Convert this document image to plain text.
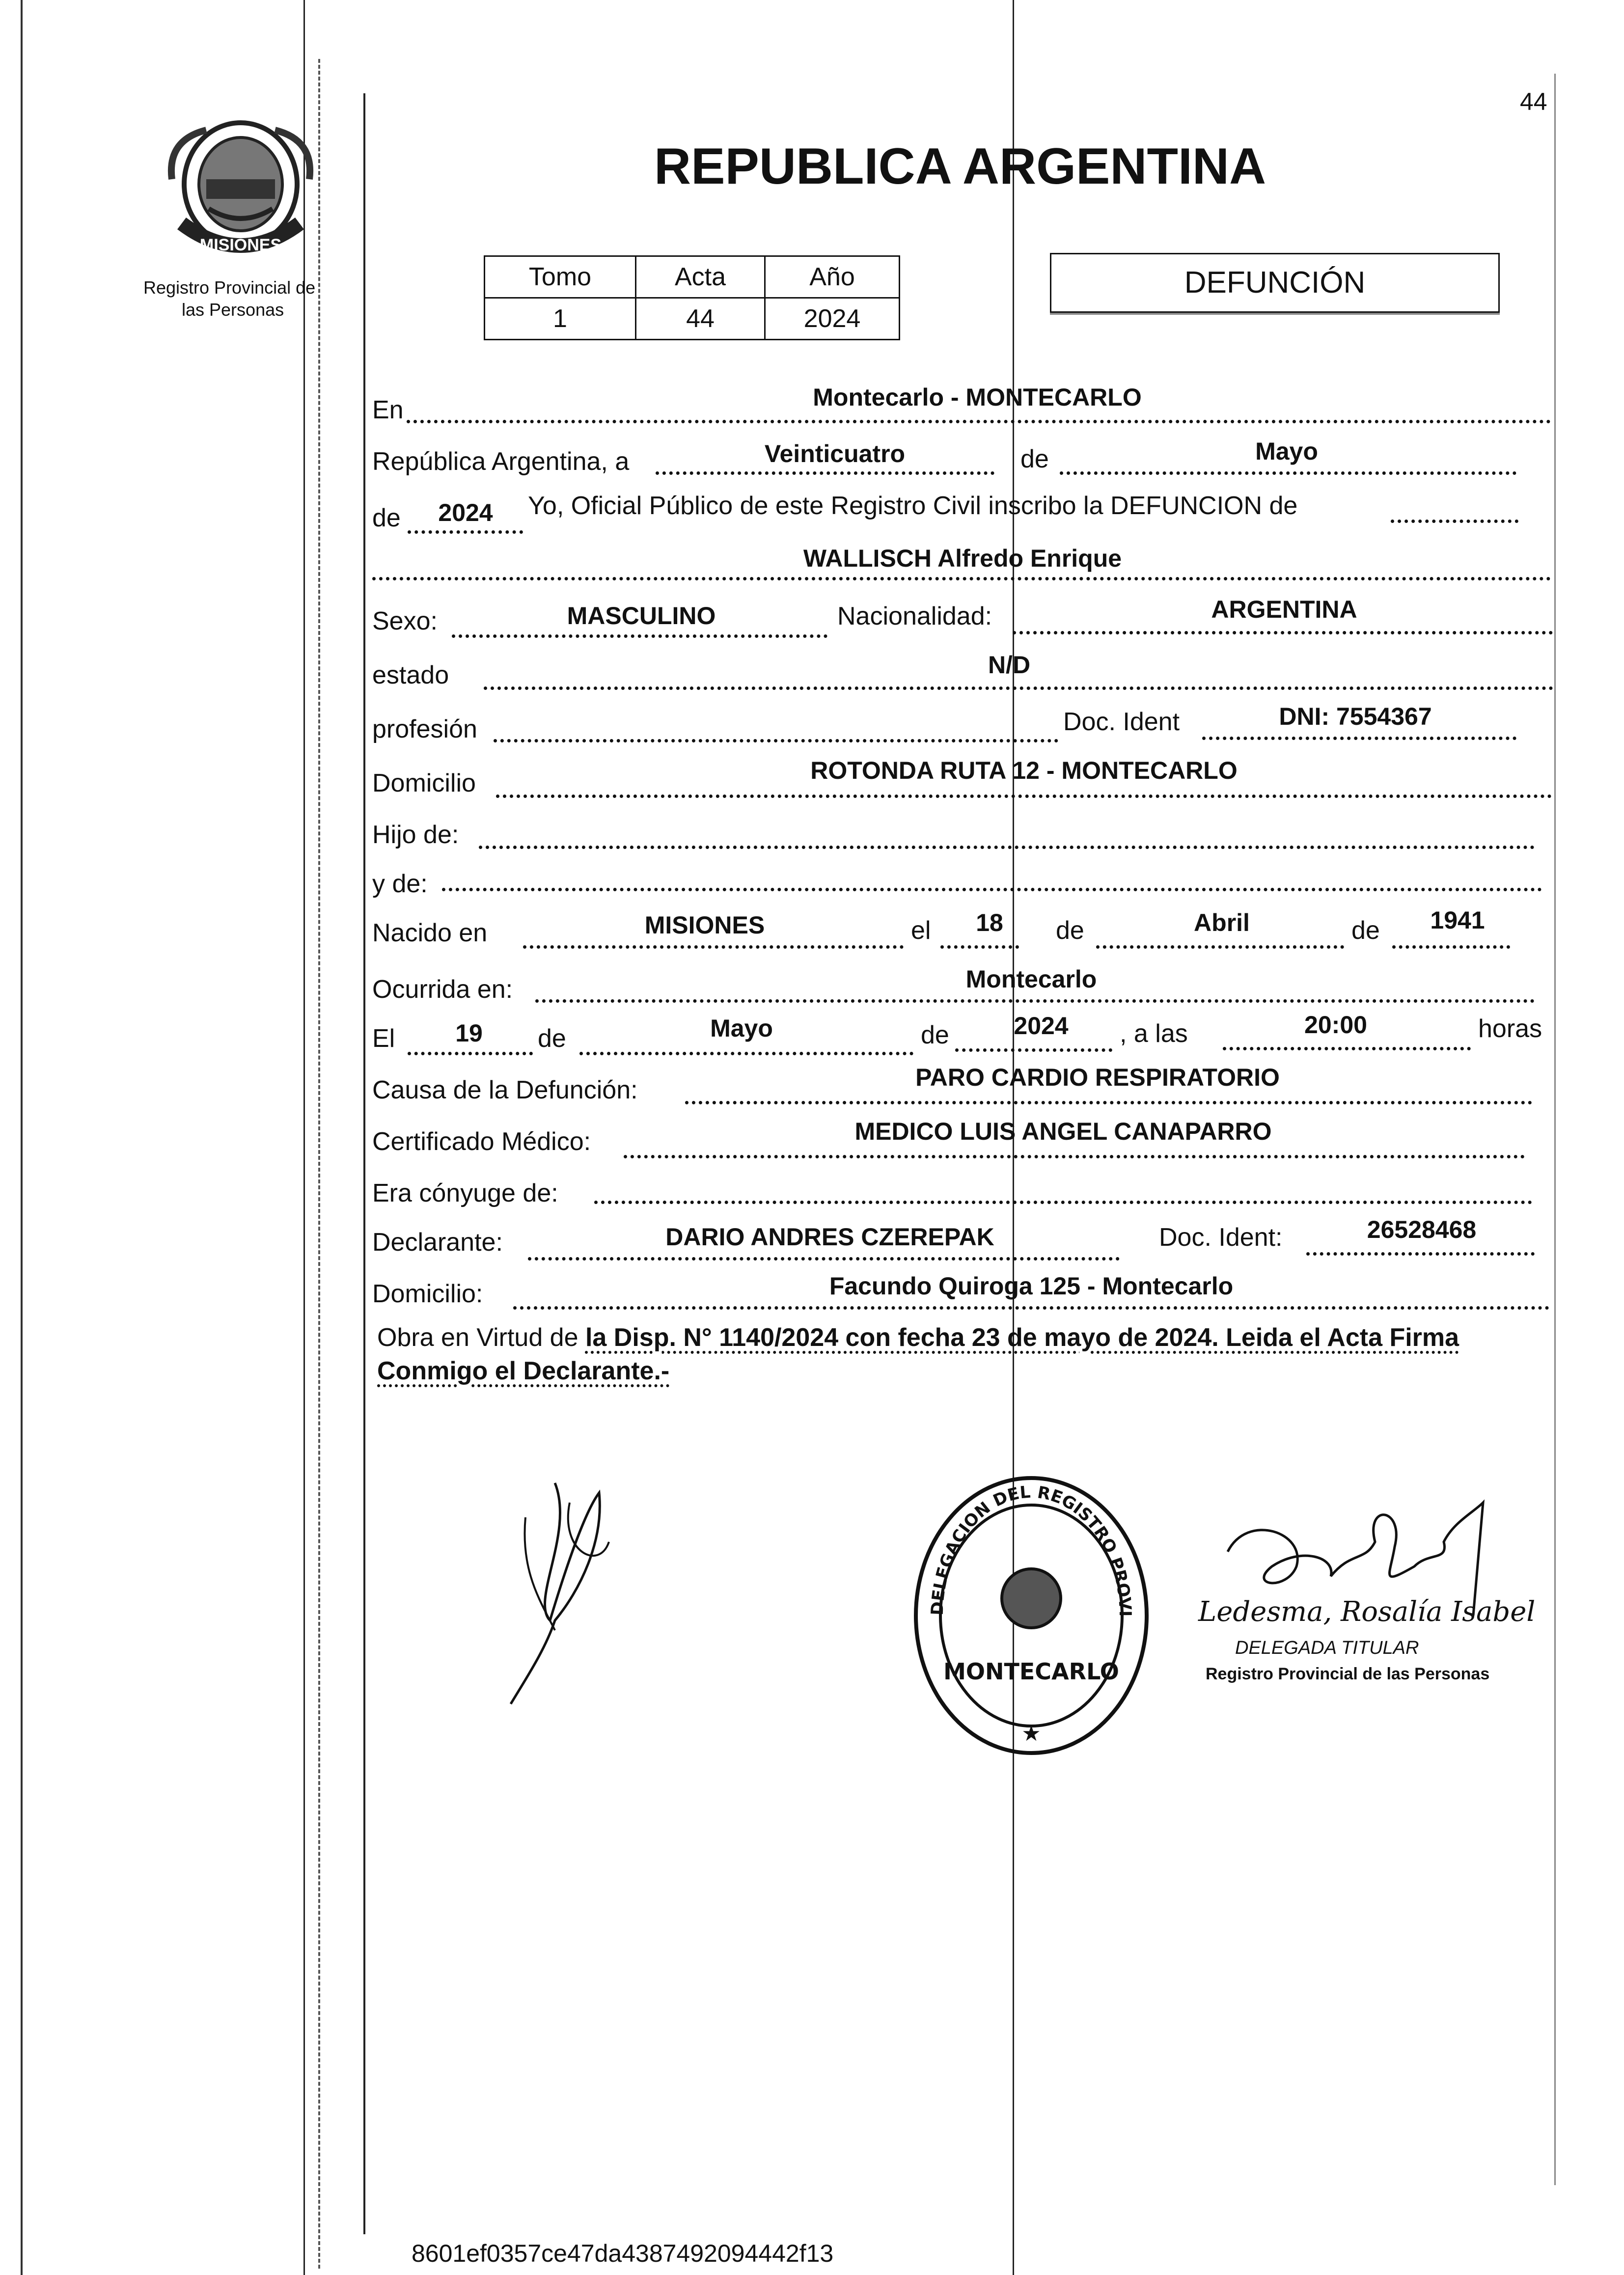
44
MISIONES
Registro Provincial de
las Personas
REPUBLICA ARGENTINA
Tomo	Acta	Año
1	44	2024
DEFUNCIÓN
En	Montecarlo - MONTECARLO
República Argentina, a	Veinticuatro	de	Mayo
de 2024 Yo, Oficial Público de este Registro Civil inscribo la DEFUNCION de
WALLISCH Alfredo Enrique
Sexo:	MASCULINO	Nacionalidad:	ARGENTINA
estado	N/D
profesión	Doc. Ident	DNI: 7554367
Domicilio	ROTONDA RUTA 12 - MONTECARLO
Hijo de:
y de:
Nacido en	MISIONES	el 18 de	Abril	de 1941
Ocurrida en:	Montecarlo
El 19 de	Mayo	de	2024 , a las	20:00	horas
Causa de la Defunción:	PARO CARDIO RESPIRATORIO
Certificado Médico:	MEDICO LUIS ANGEL CANAPARRO
Era cónyuge de:
Declarante:	DARIO ANDRES CZEREPAK	Doc. Ident:	26528468
Domicilio:	Facundo Quiroga 125 - Montecarlo
Obra en Virtud de la Disp. N° 1140/2024 con fecha 23 de mayo de 2024. Leida el Acta Firma Conmigo el Declarante.-
DELEGACION DEL REGISTRO PROVI
MONTECARLO
★
Ledesma, Rosalía Isabel
DELEGADA TITULAR
Registro Provincial de las Personas
8601ef0357ce47da4387492094442f13
